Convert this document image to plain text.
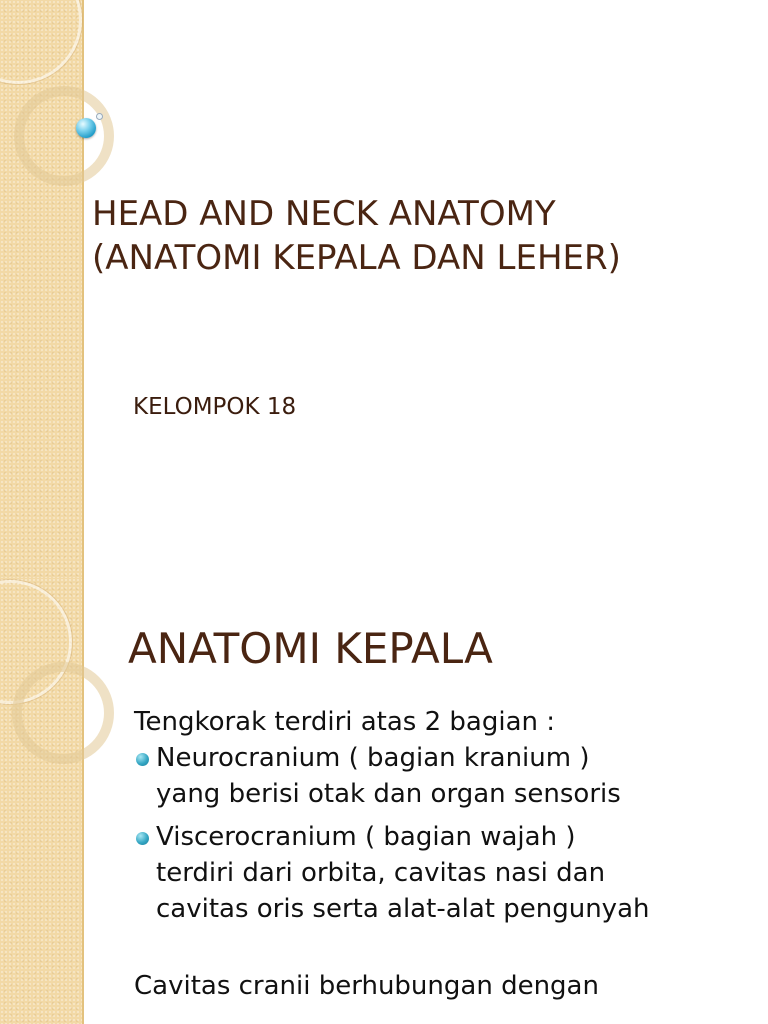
HEAD AND NECK ANATOMY
(ANATOMI KEPALA DAN LEHER)

KELOMPOK 18

ANATOMI KEPALA

Tengkorak terdiri atas 2 bagian :

Neurocranium ( bagian kranium )
yang berisi otak dan organ sensoris
Viscerocranium ( bagian wajah )
terdiri dari orbita, cavitas nasi dan
cavitas oris serta alat-alat pengunyah

Cavitas cranii berhubungan dengan
